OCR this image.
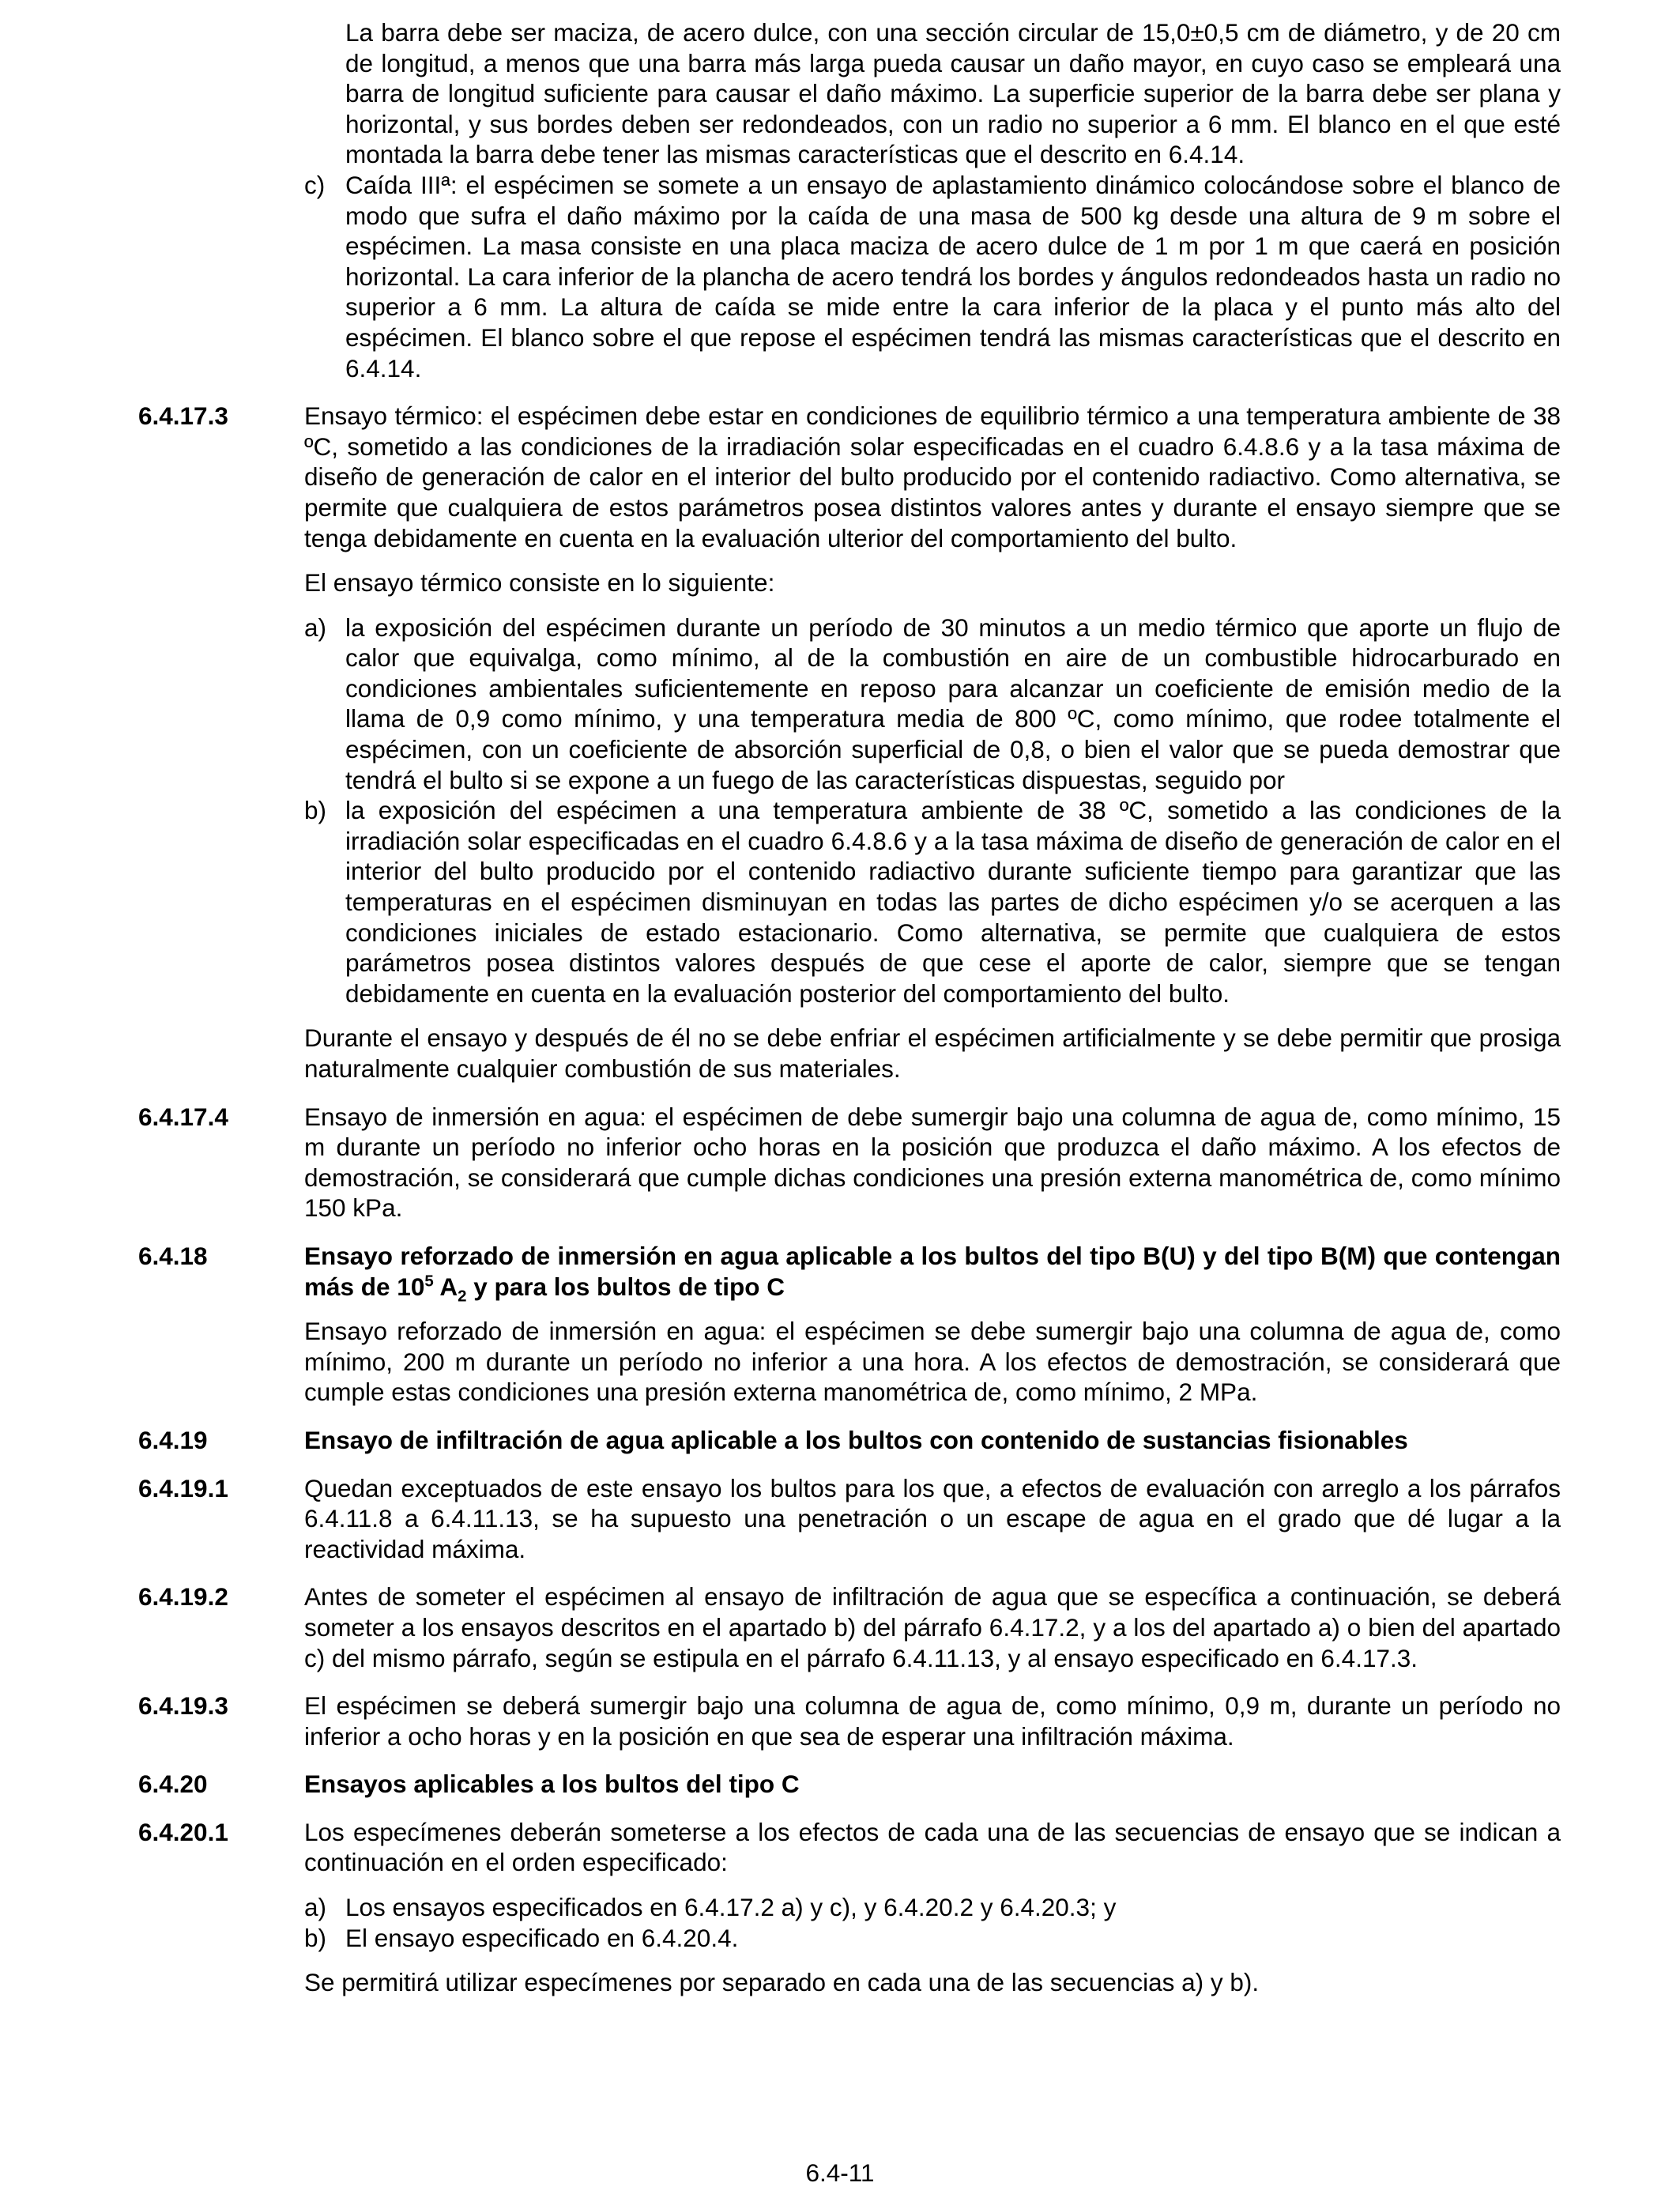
La barra debe ser maciza, de acero dulce, con una sección circular de 15,0±0,5 cm de diámetro, y de 20 cm de longitud, a menos que una barra más larga pueda causar un daño mayor, en cuyo caso se empleará una barra de longitud suficiente para causar el daño máximo. La superficie superior de la barra debe ser plana y horizontal, y sus bordes deben ser redondeados, con un radio no superior a 6 mm. El blanco en el que esté montada la barra debe tener las mismas características que el descrito en 6.4.14.
c) Caída IIIª: el espécimen se somete a un ensayo de aplastamiento dinámico colocándose sobre el blanco de modo que sufra el daño máximo por la caída de una masa de 500 kg desde una altura de 9 m sobre el espécimen. La masa consiste en una placa maciza de acero dulce de 1 m por 1 m que caerá en posición horizontal. La cara inferior de la plancha de acero tendrá los bordes y ángulos redondeados hasta un radio no superior a 6 mm. La altura de caída se mide entre la cara inferior de la placa y el punto más alto del espécimen. El blanco sobre el que repose el espécimen tendrá las mismas características que el descrito en 6.4.14.
6.4.17.3	Ensayo térmico: el espécimen debe estar en condiciones de equilibrio térmico a una temperatura ambiente de 38 ºC, sometido a las condiciones de la irradiación solar especificadas en el cuadro 6.4.8.6 y a la tasa máxima de diseño de generación de calor en el interior del bulto producido por el contenido radiactivo. Como alternativa, se permite que cualquiera de estos parámetros posea distintos valores antes y durante el ensayo siempre que se tenga debidamente en cuenta en la evaluación ulterior del comportamiento del bulto.
El ensayo térmico consiste en lo siguiente:
a) la exposición del espécimen durante un período de 30 minutos a un medio térmico que aporte un flujo de calor que equivalga, como mínimo, al de la combustión en aire de un combustible hidrocarburado en condiciones ambientales suficientemente en reposo para alcanzar un coeficiente de emisión medio de la llama de 0,9 como mínimo, y una temperatura media de 800 ºC, como mínimo, que rodee totalmente el espécimen, con un coeficiente de absorción superficial de 0,8, o bien el valor que se pueda demostrar que tendrá el bulto si se expone a un fuego de las características dispuestas, seguido por
b) la exposición del espécimen a una temperatura ambiente de 38 ºC, sometido a las condiciones de la irradiación solar especificadas en el cuadro 6.4.8.6 y a la tasa máxima de diseño de generación de calor en el interior del bulto producido por el contenido radiactivo durante suficiente tiempo para garantizar que las temperaturas en el espécimen disminuyan en todas las partes de dicho espécimen y/o se acerquen a las condiciones iniciales de estado estacionario. Como alternativa, se permite que cualquiera de estos parámetros posea distintos valores después de que cese el aporte de calor, siempre que se tengan debidamente en cuenta en la evaluación posterior del comportamiento del bulto.
Durante el ensayo y después de él no se debe enfriar el espécimen artificialmente y se debe permitir que prosiga naturalmente cualquier combustión de sus materiales.
6.4.17.4	Ensayo de inmersión en agua: el espécimen de debe sumergir bajo una columna de agua de, como mínimo, 15 m durante un período no inferior ocho horas en la posición que produzca el daño máximo. A los efectos de demostración, se considerará que cumple dichas condiciones una presión externa manométrica de, como mínimo 150 kPa.
6.4.18	Ensayo reforzado de inmersión en agua aplicable a los bultos del tipo B(U) y del tipo B(M) que contengan más de $10^5$ $A_2$ y para los bultos de tipo C
Ensayo reforzado de inmersión en agua: el espécimen se debe sumergir bajo una columna de agua de, como mínimo, 200 m durante un período no inferior a una hora. A los efectos de demostración, se considerará que cumple estas condiciones una presión externa manométrica de, como mínimo, 2 MPa.
6.4.19	Ensayo de infiltración de agua aplicable a los bultos con contenido de sustancias fisionables
6.4.19.1	Quedan exceptuados de este ensayo los bultos para los que, a efectos de evaluación con arreglo a los párrafos 6.4.11.8 a 6.4.11.13, se ha supuesto una penetración o un escape de agua en el grado que dé lugar a la reactividad máxima.
6.4.19.2	Antes de someter el espécimen al ensayo de infiltración de agua que se específica a continuación, se deberá someter a los ensayos descritos en el apartado b) del párrafo 6.4.17.2, y a los del apartado a) o bien del apartado c) del mismo párrafo, según se estipula en el párrafo 6.4.11.13, y al ensayo especificado en 6.4.17.3.
6.4.19.3	El espécimen se deberá sumergir bajo una columna de agua de, como mínimo, 0,9 m, durante un período no inferior a ocho horas y en la posición en que sea de esperar una infiltración máxima.
6.4.20	Ensayos aplicables a los bultos del tipo C
6.4.20.1	Los especímenes deberán someterse a los efectos de cada una de las secuencias de ensayo que se indican a continuación en el orden especificado:
a) Los ensayos especificados en 6.4.17.2 a) y c), y 6.4.20.2 y 6.4.20.3; y
b) El ensayo especificado en 6.4.20.4.
Se permitirá utilizar especímenes por separado en cada una de las secuencias a) y b).
6.4-11
